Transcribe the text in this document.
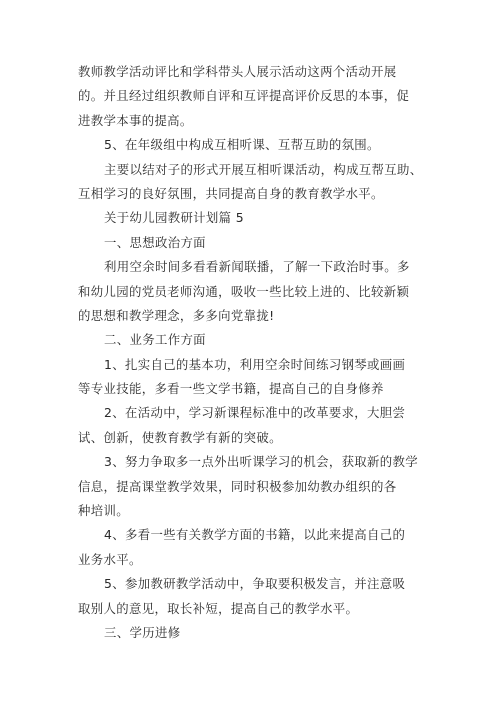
教师教学活动评比和学科带头人展示活动这两个活动开展
的。并且经过组织教师自评和互评提高评价反思的本事，促
进教学本事的提高。
5、在年级组中构成互相听课、互帮互助的氛围。
主要以结对子的形式开展互相听课活动，构成互帮互助、
互相学习的良好氛围，共同提高自身的教育教学水平。
关于幼儿园教研计划篇 5
一、思想政治方面
利用空余时间多看看新闻联播，了解一下政治时事。多
和幼儿园的党员老师沟通，吸收一些比较上进的、比较新颖
的思想和教学理念，多多向党靠拢!
二、业务工作方面
1、扎实自己的基本功，利用空余时间练习钢琴或画画
等专业技能，多看一些文学书籍，提高自己的自身修养
2、在活动中，学习新课程标准中的改革要求，大胆尝
试、创新，使教育教学有新的突破。
3、努力争取多一点外出听课学习的机会，获取新的教学
信息，提高课堂教学效果，同时积极参加幼教办组织的各
种培训。
4、多看一些有关教学方面的书籍，以此来提高自己的
业务水平。
5、参加教研教学活动中，争取要积极发言，并注意吸
取别人的意见，取长补短，提高自己的教学水平。
三、学历进修
